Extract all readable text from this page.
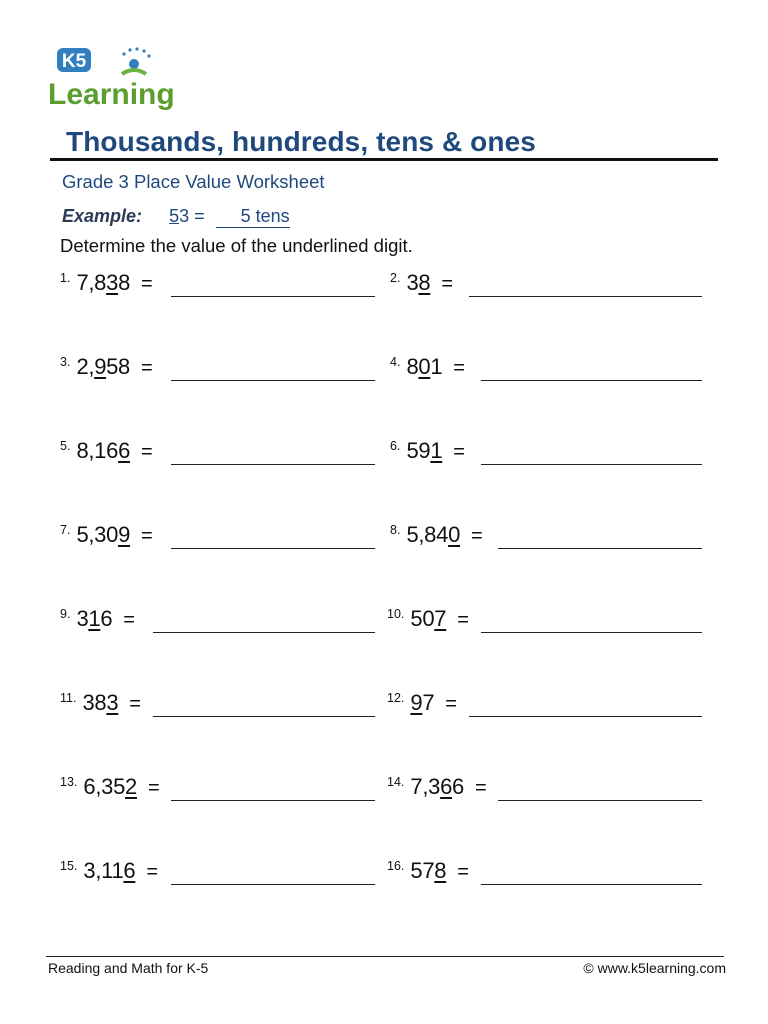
K5
Learning
Thousands, hundreds, tens & ones
Grade 3 Place Value Worksheet
Example: 53 = 5 tens
Determine the value of the underlined digit.
1. 7,838 =
3. 2,958 =
5. 8,166 =
7. 5,309 =
9. 316 =
11. 383 =
13. 6,352 =
15. 3,116 =
2. 38 =
4. 801 =
6. 591 =
8. 5,840 =
10. 507 =
12. 97 =
14. 7,366 =
16. 578 =
Reading and Math for K-5	© www.k5learning.com
